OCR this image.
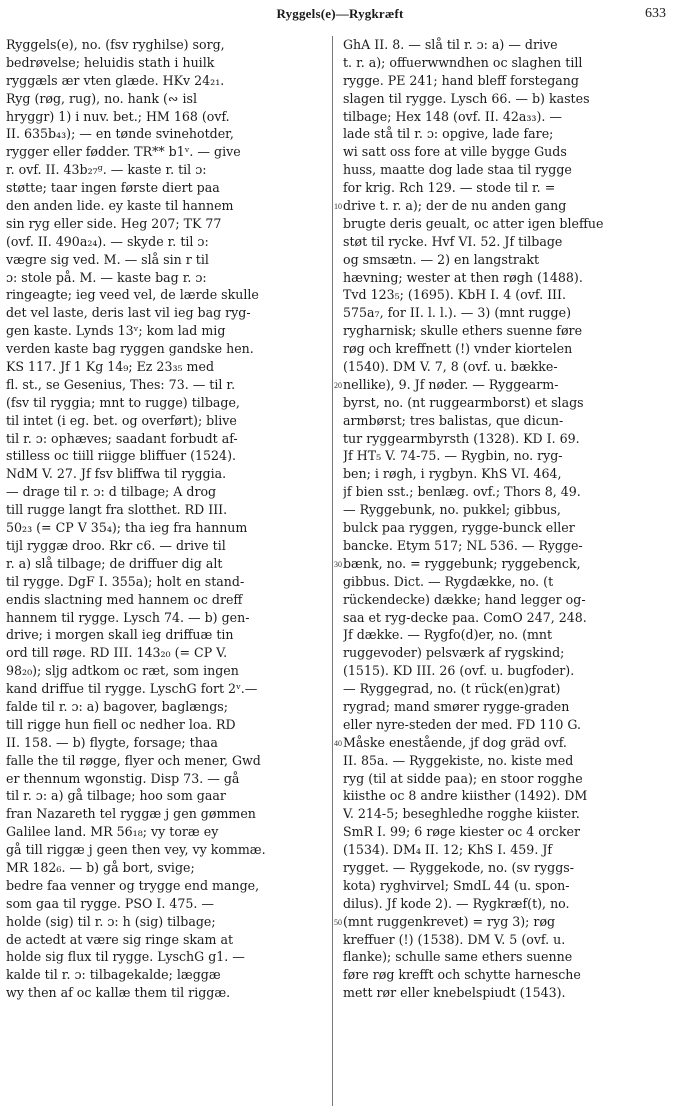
Ryggels(e)—Rygkræft	633
Ryggels(e), no. (fsv ryghilse) sorg,
bedrøvelse; heluidis stath i huilk
ryggæls ær vten glæde. HKv 24₂₁.
Ryg (røg, rug), no. hank (∾ isl
hryggr) 1) i nuv. bet.; HM 168 (ovf.
II. 635b₄₃); — en tønde svinehotder,
rygger eller fødder. TR** b1ᵛ. — give
r. ovf. II. 43b₂₇ᵍ. — kaste r. til ɔ:
støtte; taar ingen første diert paa
den anden lide. ey kaste til hannem
sin ryg eller side. Heg 207; TK 77
(ovf. II. 490a₂₄). — skyde r. til ɔ:
vægre sig ved. M. — slå sin r til
ɔ: stole på. M. — kaste bag r. ɔ:
ringeagte; ieg veed vel, de lærde skulle
det vel laste, deris last vil ieg bag ryg-
gen kaste. Lynds 13ᵛ; kom lad mig
verden kaste bag ryggen gandske hen.
KS 117. Jf 1 Kg 14₉; Ez 23₃₅ med
fl. st., se Gesenius, Thes: 73. — til r.
(fsv til ryggia; mnt to rugge) tilbage,
til intet (i eg. bet. og overført); blive
til r. ɔ: ophæves; saadant forbudt af-
stilless oc tiill riigge bliffuer (1524).
NdM V. 27. Jf fsv bliffwa til ryggia.
— drage til r. ɔ: d tilbage; A drog
till rugge langt fra slotthet. RD III.
50₂₃ (= CP V 35₄); tha ieg fra hannum
tijl ryggæ droo. Rkr c6. — drive til
r. a) slå tilbage; de driffuer dig alt
til rygge. DgF I. 355a); holt en stand-
endis slactning med hannem oc dreff
hannem til rygge. Lysch 74. — b) gen-
drive; i morgen skall ieg driffuæ tin
ord till røge. RD III. 143₂₀ (= CP V.
98₂₀); sljg adtkom oc ræt, som ingen
kand driffue til rygge. LyschG fort 2ᵛ.—
falde til r. ɔ: a) bagover, baglængs;
till rigge hun fiell oc nedher loa. RD
II. 158. — b) flygte, forsage; thaa
falle the til røgge, flyer och mener, Gwd
er thennum wgonstig. Disp 73. — gå
til r. ɔ: a) gå tilbage; hoo som gaar
fran Nazareth tel ryggæ j gen gømmen
Galilee land. MR 56₁₈; vy toræ ey
gå till riggæ j geen then vey, vy kommæ.
MR 182₆. — b) gå bort, svige;
bedre faa venner og trygge end mange,
som gaa til rygge. PSO I. 475. —
holde (sig) til r. ɔ: h (sig) tilbage;
de actedt at være sig ringe skam at
holde sig flux til rygge. LyschG g1. —
kalde til r. ɔ: tilbagekalde; læggæ
wy then af oc kallæ them til riggæ.
GhA II. 8. — slå til r. ɔ: a) — drive
t. r. a); offuerwwndhen oc slaghen till
rygge. PE 241; hand bleff forstegang
slagen til rygge. Lysch 66. — b) kastes
tilbage; Hex 148 (ovf. II. 42a₃₃). —
lade stå til r. ɔ: opgive, lade fare;
wi satt oss fore at ville bygge Guds
huss, maatte dog lade staa til rygge
for krig. Rch 129. — stode til r. =
drive t. r. a); der de nu anden gang
brugte deris geualt, oc atter igen bleffue
støt til rycke. Hvf VI. 52. Jf tilbage
og smsætn. — 2) en langstrakt
hævning; wester at then røgh (1488).
Tvd 123₅; (1695). KbH I. 4 (ovf. III.
575a₇, for II. l. l.). — 3) (mnt rugge)
rygharnisk; skulle ethers suenne føre
røg och kreffnett (!) vnder kiortelen
(1540). DM V. 7, 8 (ovf. u. bække-
nellike), 9. Jf nøder. — Ryggearm-
byrst, no. (nt ruggearmborst) et slags
armbørst; tres balistas, que dicun-
tur ryggearmbyrsth (1328). KD I. 69.
Jf HT₅ V. 74-75. — Rygbin, no. ryg-
ben; i røgh, i rygbyn. KhS VI. 464,
jf bien sst.; benlæg. ovf.; Thors 8, 49.
— Ryggebunk, no. pukkel; gibbus,
bulck paa ryggen, rygge-bunck eller
bancke. Etym 517; NL 536. — Rygge-
bænk, no. = ryggebunk; ryggebenck,
gibbus. Dict. — Rygdække, no. (t
rückendecke) dække; hand legger og-
saa et ryg-decke paa. ComO 247, 248.
Jf dække. — Rygfo(d)er, no. (mnt
ruggevoder) pelsværk af rygskind;
(1515). KD III. 26 (ovf. u. bugfoder).
— Ryggegrad, no. (t rück(en)grat)
rygrad; mand smører rygge-graden
eller nyre-steden der med. FD 110 G.
Måske enestående, jf dog gräd ovf.
II. 85a. — Ryggekiste, no. kiste med
ryg (til at sidde paa); en stoor rogghe
kiisthe oc 8 andre kiisther (1492). DM
V. 214-5; beseghledhe rogghe kiister.
SmR I. 99; 6 røge kiester oc 4 orcker
(1534). DM₄ II. 12; KhS I. 459. Jf
rygget. — Ryggekode, no. (sv ryggs-
kota) ryghvirvel; SmdL 44 (u. spon-
dilus). Jf kode 2). — Rygkræf(t), no.
(mnt ruggenkrevet) = ryg 3); røg
kreffuer (!) (1538). DM V. 5 (ovf. u.
flanke); schulle same ethers suenne
føre røg krefft och schytte harnesche
mett rør eller knebelspiudt (1543).
10
20
30
40
50
